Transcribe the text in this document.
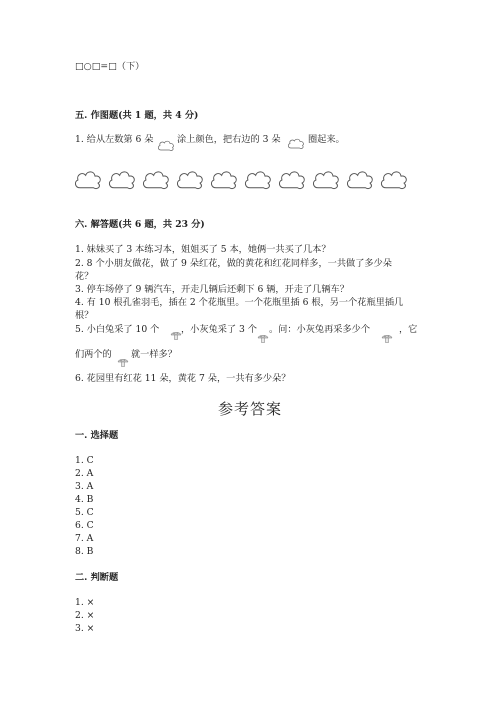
□○□=□（下）
五. 作图题(共 1 题，共 4 分)
1. 给从左数第 6 朵	涂上颜色，把右边的 3 朵	圈起来。
六. 解答题(共 6 题，共 23 分)
1. 妹妹买了 3 本练习本，姐姐买了 5 本，她俩一共买了几本？
2. 8 个小朋友做花，做了 9 朵红花，做的黄花和红花同样多，一共做了多少朵
花？
3. 停车场停了 9 辆汽车，开走几辆后还剩下 6 辆，开走了几辆车？
4. 有 10 根孔雀羽毛，插在 2 个花瓶里。一个花瓶里插 6 根，另一个花瓶里插几
根？
5. 小白兔采了 10 个 ，小灰兔采了 3 个 。问：小灰兔再采多少个	，它
们两个的 就一样多？
6. 花园里有红花 11 朵，黄花 7 朵，一共有多少朵？
参考答案
一. 选择题
1. C
2. A
3. A
4. B
5. C
6. C
7. A
8. B
二. 判断题
1. ×
2. ×
3. ×
